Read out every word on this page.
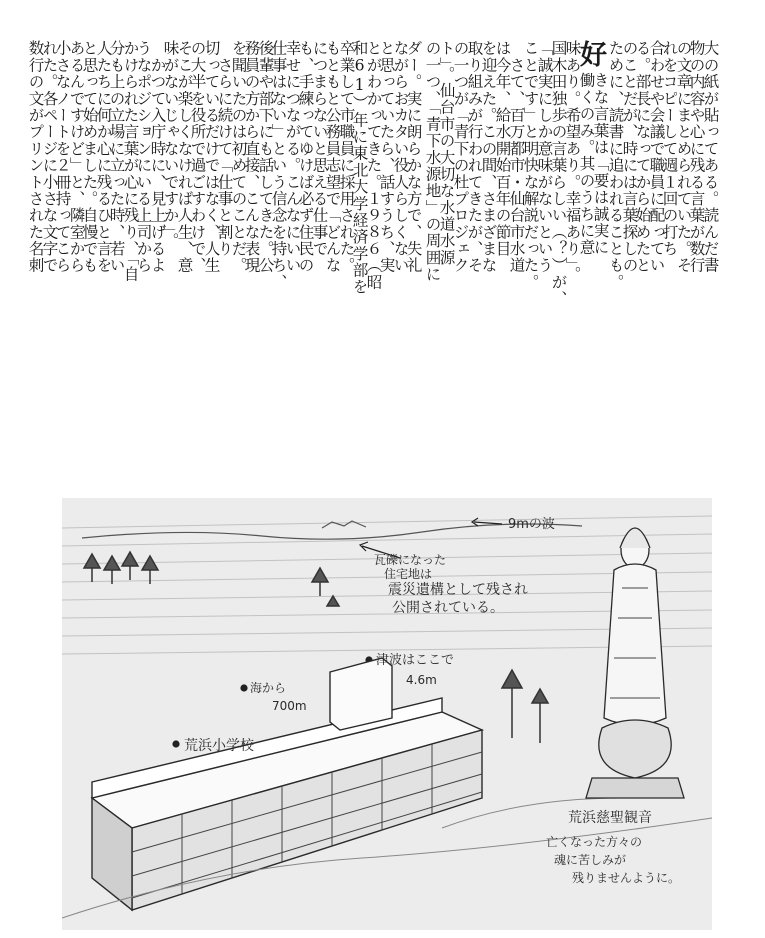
ダー。実に朗らかな方で、失礼
ながらおカタい役人らしくない
と思っていたら、話すうち、実
とがわかってきた。１９８６（昭
和61）年に東北大学経済学部を
卒業して市職員に採用された。
もともと公務員志望で「どんな
につまらないと思える仕事で
も、手練ってゆけば必ず住民の
幸せにつながる。こんなにいい
仕事はない」という信念を持ち、
後輩や部下にも話してきた。公
務員の方から直接、こんな表現
を聞いたのは初めてのことだ。
　さらに続けて「仕事と割り
切っているだけではなく、人生
の大半を役所で過ごすわけで、
そこが楽しくなければ人生、意
味がないじゃないですか」。
　かつて入庁時に、見上げるよ
うなポジションにいる上司から
かけられた言葉が心に残り、「自
分も上の立場に立った時、若い
人たちに何か心に残るひと言を
と思って始めました。自慢でも
あるんですけど」と、隣室から
小さなノートを２冊持ってこら
れた。各ページに小さな文字で
数行の文がプリントされた名刺	大の紙が貼ってある。読んだ書
物の内容や心に残る言葉が数行
の文章にまとめられていた。そ
れをコピーして週１回の打ち
合わせや会議で職員に配ってい
る。部長になってから始めたと
のことだが、時には言葉探しの
ために、読書に追われることも。
好
きな言葉は「要は誠実に
働くのみ。其のうちに意
味あり。希望あり。幸福あり」。
国木田独歩の言葉らしい（？）が、
「誠実にしか意味がないという
ことです」と明快な解説だった。
　さて、百万都市・仙台市水道
は今年、給水開始百年の節目
を迎えた。この間、さまざまな
取り組みが行われてきたが、そ
の一つが「青下の杜プロジェク
ト」。仙台市の大切な水道水源
の一つ、「青下水源地」の周囲に
9mの波
瓦礫になった
住宅地は
震災遺構として残され
公開されている。
津波はここで
4.6m
海から
700m
荒浜小学校
荒浜慈聖観音
亡くなった方々の
魂に苦しみが
残りませんように。
